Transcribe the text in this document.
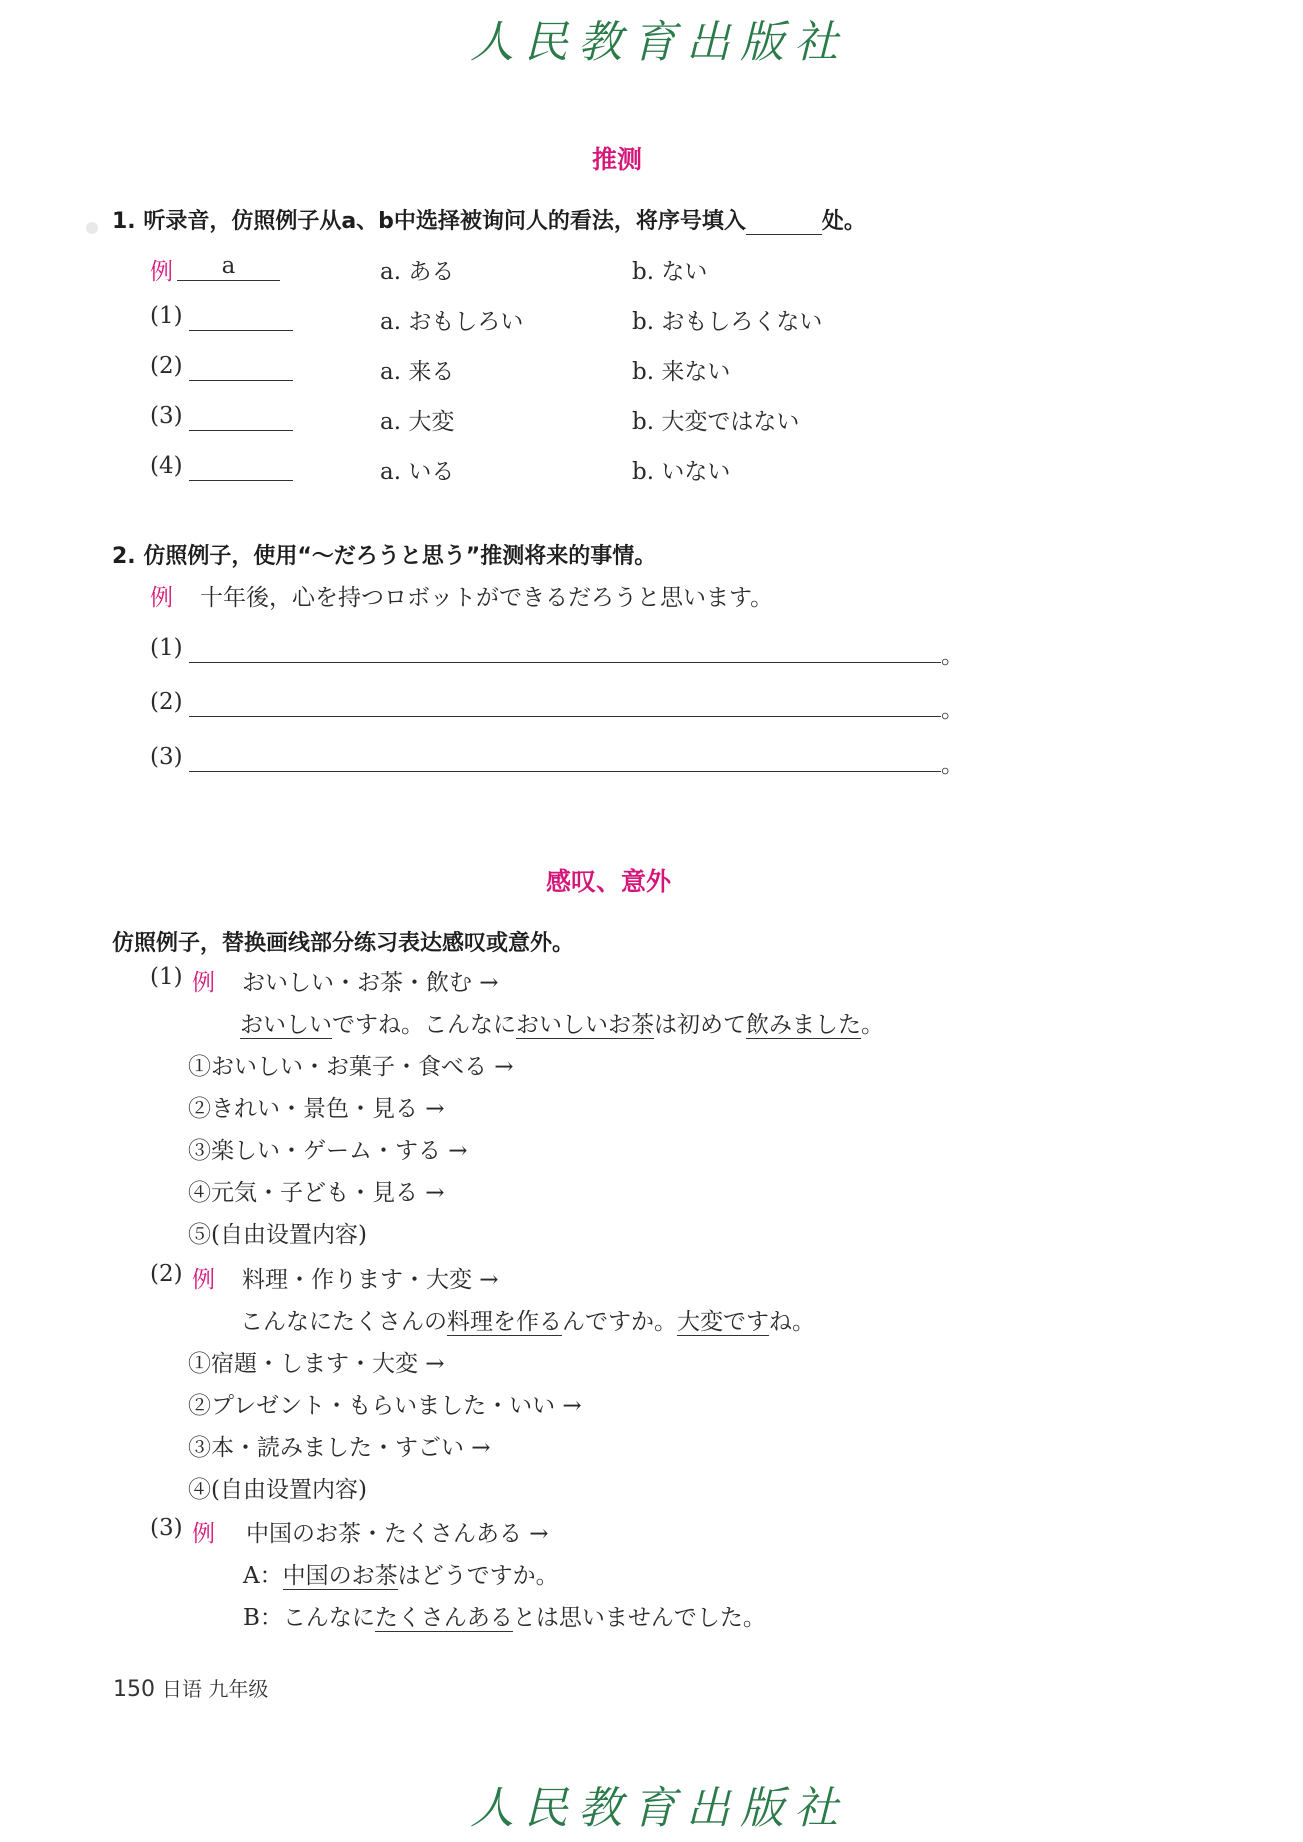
人民教育出版社
推测
1. 听录音，仿照例子从a、b中选择被询问人的看法，将序号填入	处。
例	a	a. ある	b. ない
(1)	a. おもしろい	b. おもしろくない
(2)	a. 来る	b. 来ない
(3)	a. 大変	b. 大変ではない
(4)	a. いる	b. いない
2. 仿照例子，使用“～だろうと思う”推测将来的事情。
例 十年後，心を持つロボットができるだろうと思います。
(1)	。
(2)	。
(3)	。
感叹、意外
仿照例子，替换画线部分练习表达感叹或意外。
(1) 例 おいしい・お茶・飲む →
おいしいですね。こんなにおいしいお茶は初めて飲みました。
①おいしい・お菓子・食べる →
②きれい・景色・見る →
③楽しい・ゲーム・する →
④元気・子ども・見る →
⑤(自由设置内容)
(2) 例 料理・作ります・大変 →
こんなにたくさんの料理を作るんですか。大変ですね。
①宿題・します・大変 →
②プレゼント・もらいました・いい →
③本・読みました・すごい →
④(自由设置内容)
(3) 例 中国のお茶・たくさんある →
A：中国のお茶はどうですか。
B：こんなにたくさんあるとは思いませんでした。
150 日语 九年级
人民教育出版社
